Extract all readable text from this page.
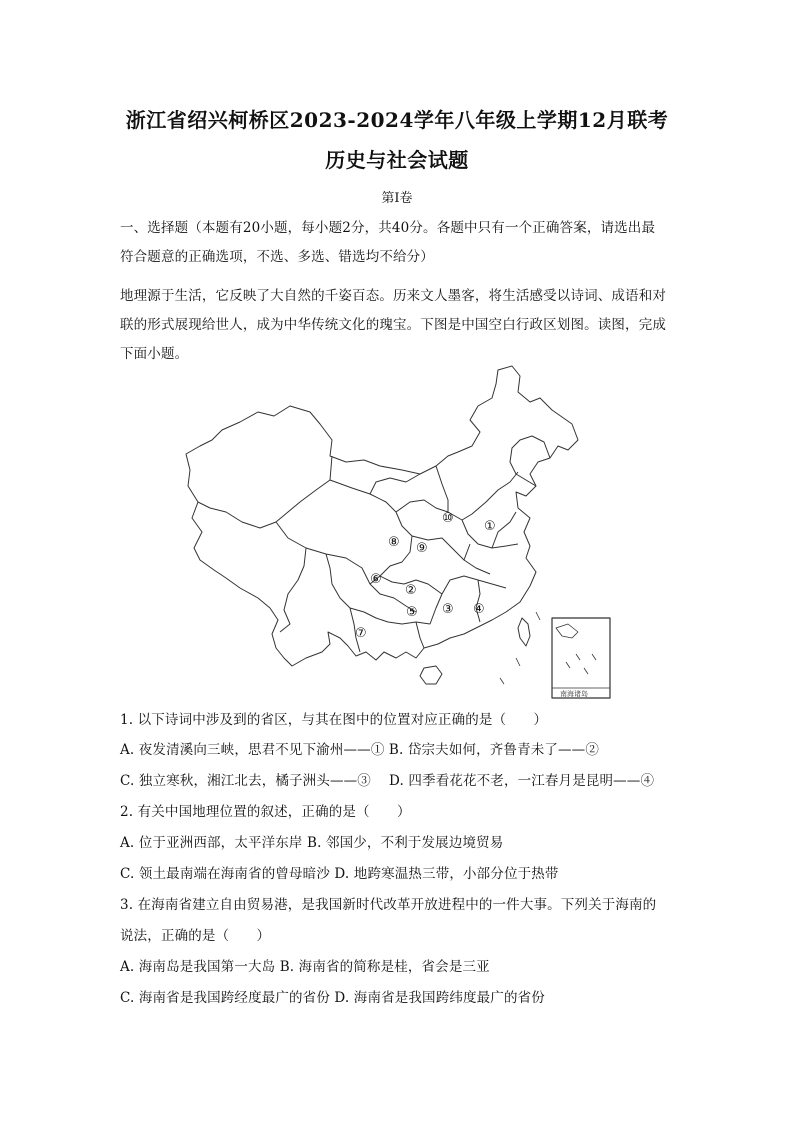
浙江省绍兴柯桥区2023-2024学年八年级上学期12月联考
历史与社会试题
第Ⅰ卷
一、选择题（本题有20小题，每小题2分，共40分。各题中只有一个正确答案，请选出最
符合题意的正确选项，不选、多选、错选均不给分）
地理源于生活，它反映了大自然的千姿百态。历来文人墨客，将生活感受以诗词、成语和对
联的形式展现给世人，成为中华传统文化的瑰宝。下图是中国空白行政区划图。读图，完成
下面小题。
南海诸岛
①
②
③ ④
⑤
⑥
⑦
⑧ ⑨
⑩
1. 以下诗词中涉及到的省区，与其在图中的位置对应正确的是（　　）
A. 夜发清溪向三峡，思君不见下渝州——① B. 岱宗夫如何，齐鲁青未了——②
C. 独立寒秋，湘江北去，橘子洲头——③　 D. 四季看花花不老，一江春月是昆明——④
2. 有关中国地理位置的叙述，正确的是（　　）
A. 位于亚洲西部，太平洋东岸 B. 邻国少，不利于发展边境贸易
C. 领土最南端在海南省的曾母暗沙 D. 地跨寒温热三带，小部分位于热带
3. 在海南省建立自由贸易港，是我国新时代改革开放进程中的一件大事。下列关于海南的
说法，正确的是（　　）
A. 海南岛是我国第一大岛 B. 海南省的简称是桂，省会是三亚
C. 海南省是我国跨经度最广的省份 D. 海南省是我国跨纬度最广的省份
